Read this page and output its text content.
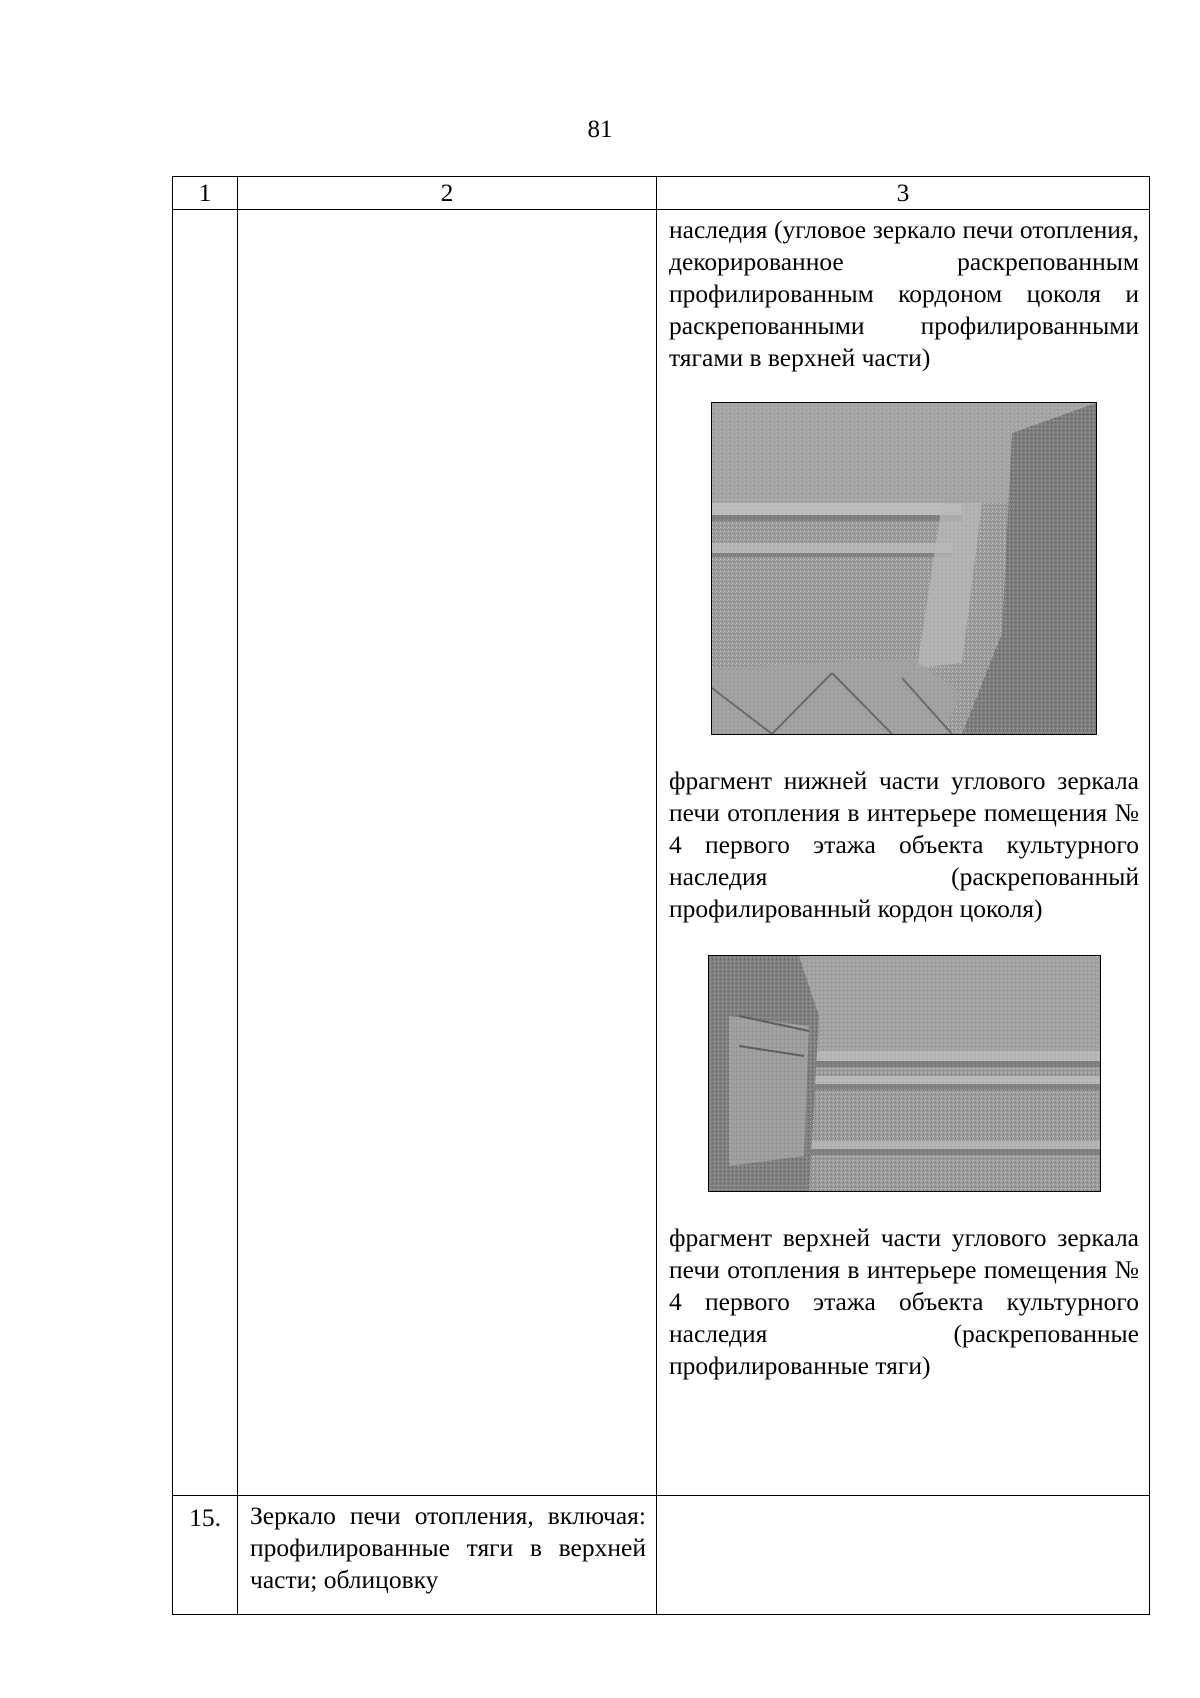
81
1	2	3

		наследия (угловое зеркало печи отопления, декорированное раскрепованным профилированным кордоном цоколя и раскрепованными профилированными тягами в верхней части)

фрагмент нижней части углового зеркала печи отопления в интерьере помещения № 4 первого этажа объекта культурного наследия (раскрепованный профилированный кордон цоколя)

фрагмент верхней части углового зеркала печи отопления в интерьере помещения № 4 первого этажа объекта культурного наследия (раскрепованные профилированные тяги)

15.	Зеркало печи отопления, включая: профилированные тяги в верхней части; облицовку	
